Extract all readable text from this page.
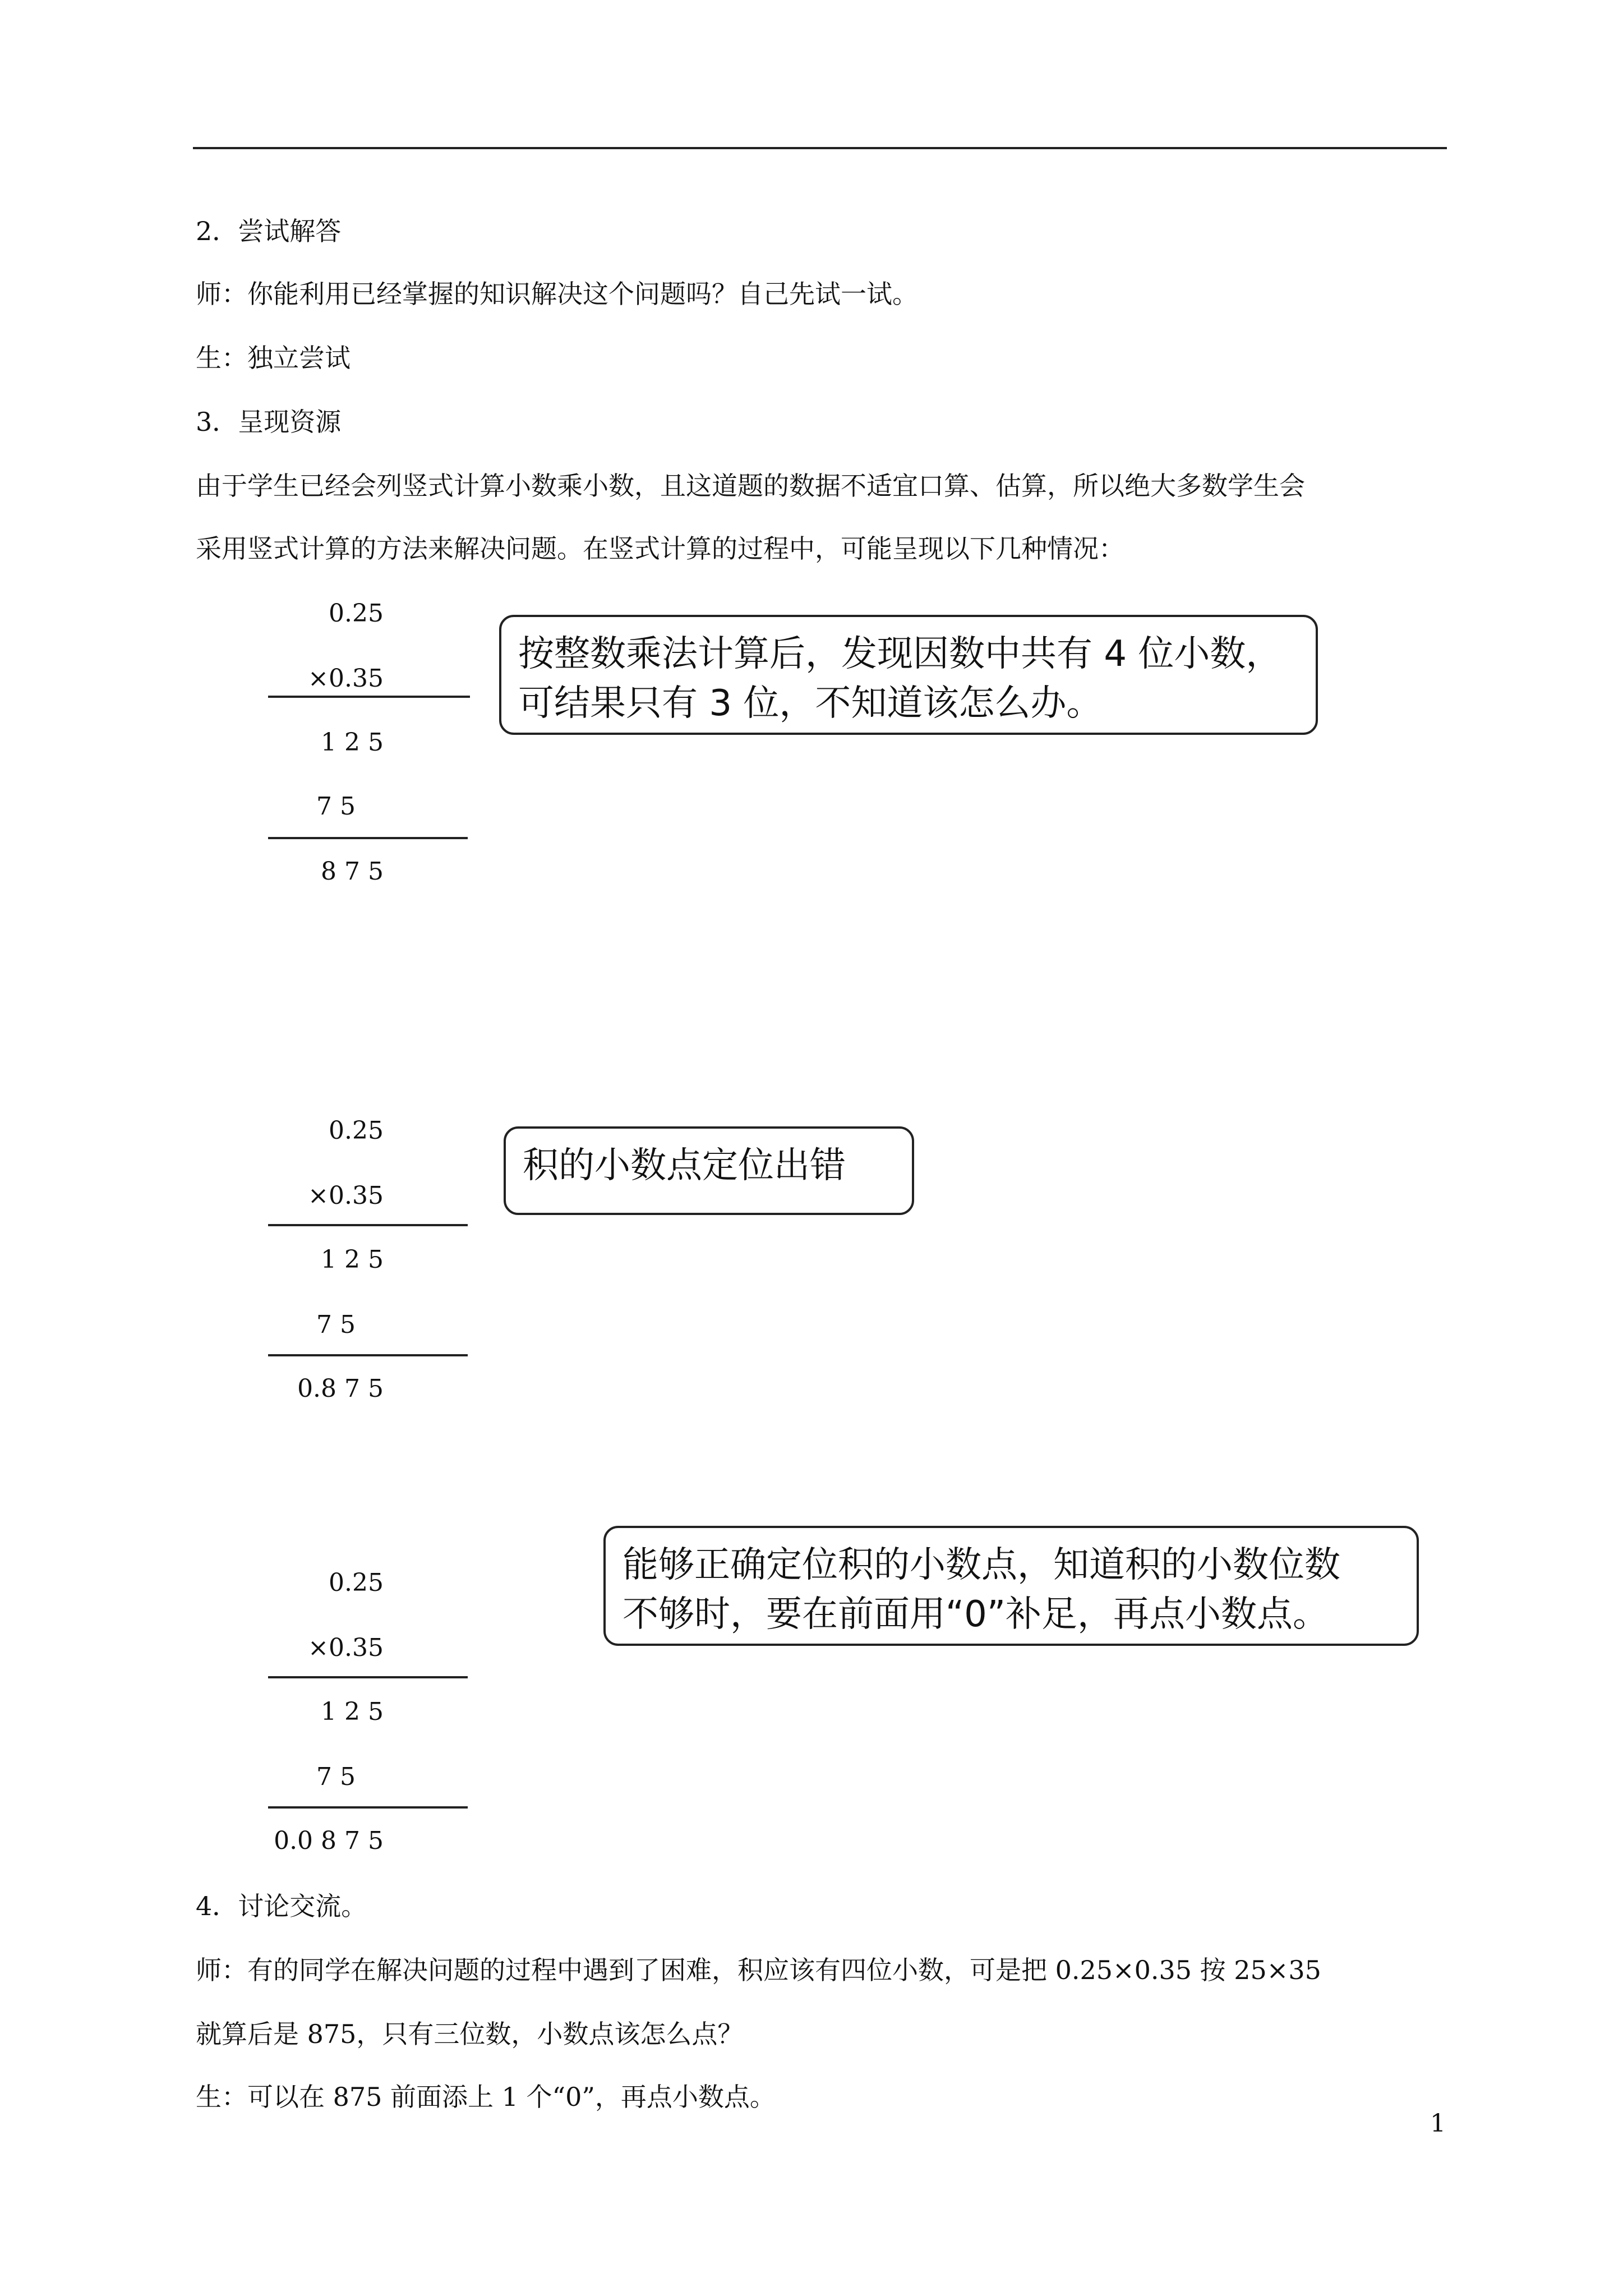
2．尝试解答
师：你能利用已经掌握的知识解决这个问题吗？自己先试一试。
生：独立尝试
3．呈现资源
由于学生已经会列竖式计算小数乘小数，且这道题的数据不适宜口算、估算，所以绝大多数学生会
采用竖式计算的方法来解决问题。在竖式计算的过程中，可能呈现以下几种情况：
0.25
×0.35
1 2 5
7 5
8 7 5
按整数乘法计算后，发现因数中共有 4 位小数，
可结果只有 3 位，不知道该怎么办。
0.25
×0.35
1 2 5
7 5
0.8 7 5
积的小数点定位出错
0.25
×0.35
1 2 5
7 5
0.0 8 7 5
能够正确定位积的小数点，知道积的小数位数
不够时，要在前面用“0”补足，再点小数点。
4．讨论交流。
师：有的同学在解决问题的过程中遇到了困难，积应该有四位小数，可是把 0.25×0.35 按 25×35
就算后是 875，只有三位数，小数点该怎么点？
生：可以在 875 前面添上 1 个“0”，再点小数点。
1
